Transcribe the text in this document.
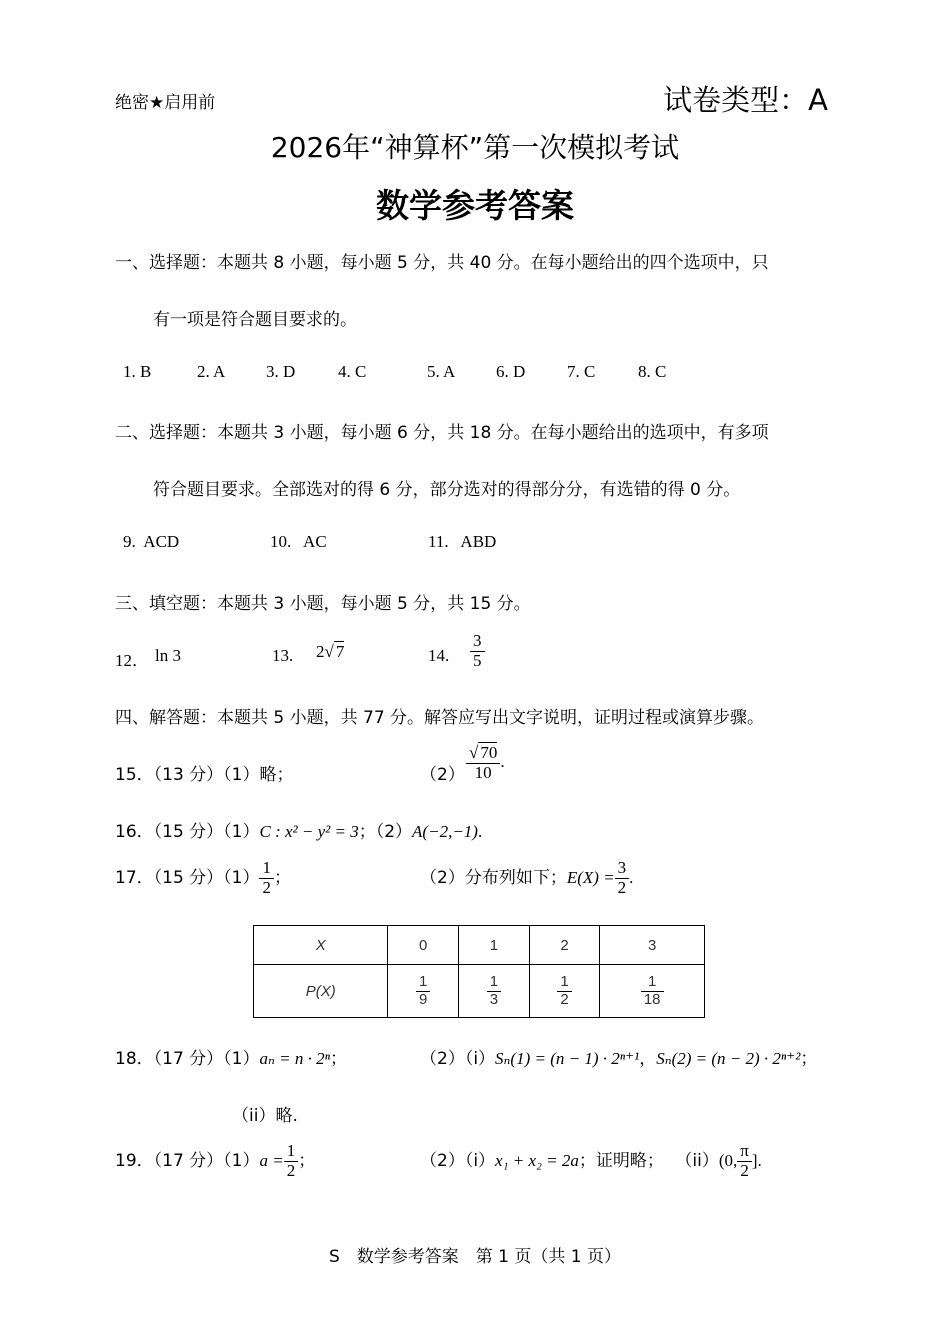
绝密★启用前	试卷类型：A
2026年“神算杯”第一次模拟考试
数学参考答案
一、选择题：本题共 8 小题，每小题 5 分，共 40 分。在每小题给出的四个选项中，只
有一项是符合题目要求的。
1. B	2. A 3. D	4. C	5. A 6. D 7. C	8. C
二、选择题：本题共 3 小题，每小题 6 分，共 18 分。在每小题给出的选项中，有多项
符合题目要求。全部选对的得 6 分，部分选对的得部分分，有选错的得 0 分。
9.  ACD	10.   AC	11.   ABD
三、填空题：本题共 3 小题，每小题 5 分，共 15 分。
12． ln 3	13. 2√ 7	14. $\frac{3}{5}$
四、解答题：本题共 5 小题，共 77 分。解答应写出文字说明，证明过程或演算步骤。
15．（13 分）（1）略；	$(2) \frac{√ 70}{10}$ .
16．（15 分）（1）C : x² − y² = 3；（2）A(−2,−1).
17．（15 分）$(1) \frac{1}{2}$ ；	（2）分布列如下；$E(X) = \frac{3}{2}$ .
X	0	1	2	3
P(X)	$\frac{1}{9}$	$\frac{1}{3}$	$\frac{1}{2}$	$\frac{1}{18}$
18．（17 分）（1）aₙ = n · 2ⁿ；	（2）（i）Sₙ(1) = (n − 1) · 2ⁿ⁺¹，Sₙ(2) = (n − 2) · 2ⁿ⁺²；
（ii）略.
19．（17 分）$(1)a = \frac{1}{2}$ ；	（2）（i）x₁ + x₂ = 2a；证明略； （ii）(0, $\frac{\pi}{2}$ ].
S　数学参考答案　第 1 页（共 1 页）
